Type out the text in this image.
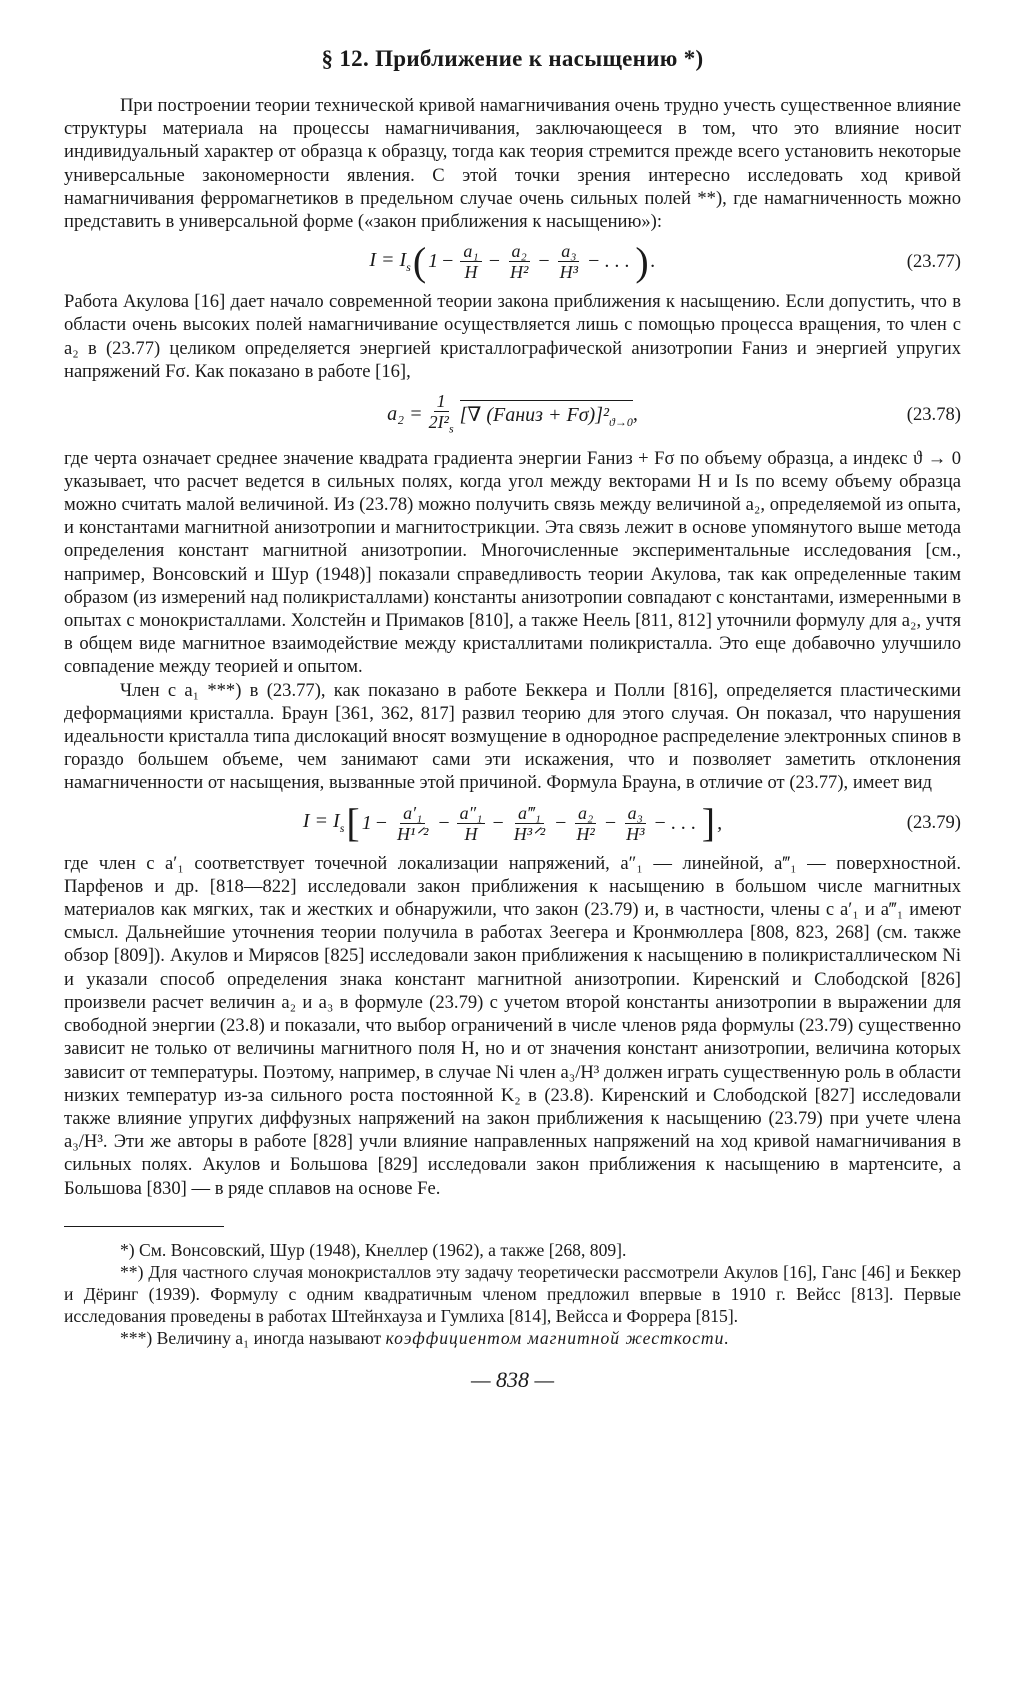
§ 12. Приближение к насыщению *)

При построении теории технической кривой намагничивания очень трудно учесть существенное влияние структуры материала на процессы намагничивания, заключающееся в том, что это влияние носит индивидуальный характер от образца к образцу, тогда как теория стремится прежде всего установить некоторые универсальные закономерности явления. С этой точки зрения интересно исследовать ход кривой намагничивания ферромагнетиков в предельном случае очень сильных полей **), где намагниченность можно представить в универсальной форме («закон приближения к насыщению»):

$I = I_s$ ( $1 - \frac{\text{a₁}}{H} - \frac{\text{a₂}}{\text{H²}} - \frac{\text{a₃}}{\text{H³}}$ − . . . ) .	(23.77)

Работа Акулова [16] дает начало современной теории закона приближения к насыщению. Если допустить, что в области очень высоких полей намагничивание осуществляется лишь с помощью процесса вращения, то член с a₂ в (23.77) целиком определяется энергией кристаллографической анизотропии Fаниз и энергией упругих напряжений Fσ. Как показано в работе [16],

$a_2 = \frac{1}{2I^2_s}$ [∇ (Fаниз + $F\sigma)]^2_{ϑ\to 0}$ ,	(23.78)

где черта означает среднее значение квадрата градиента энергии Fаниз + Fσ по объему образца, а индекс ϑ → 0 указывает, что расчет ведется в сильных полях, когда угол между векторами H и Is по всему объему образца можно считать малой величиной. Из (23.78) можно получить связь между величиной a₂, определяемой из опыта, и константами магнитной анизотропии и магнитострикции. Эта связь лежит в основе упомянутого выше метода определения констант магнитной анизотропии. Многочисленные экспериментальные исследования [см., например, Вонсовский и Шур (1948)] показали справедливость теории Акулова, так как определенные таким образом (из измерений над поликристаллами) константы анизотропии совпадают с константами, измеренными в опытах с монокристаллами. Холстейн и Примаков [810], а также Неель [811, 812] уточнили формулу для a₂, учтя в общем виде магнитное взаимодействие между кристаллитами поликристалла. Это еще добавочно улучшило совпадение между теорией и опытом.

Член с a₁ ***) в (23.77), как показано в работе Беккера и Полли [816], определяется пластическими деформациями кристалла. Браун [361, 362, 817] развил теорию для этого случая. Он показал, что нарушения идеальности кристалла типа дислокаций вносят возмущение в однородное распределение электронных спинов в гораздо большем объеме, чем занимают сами эти искажения, что и позволяет заметить отклонения намагниченности от насыщения, вызванные этой причиной. Формула Брауна, в отличие от (23.77), имеет вид

$I = I_s$ [ $1 - \frac{\text{a′₁}}{\text{H¹ᐟ²}} - \frac{\text{a″₁}}{H} - \frac{\text{a‴₁}}{\text{H³ᐟ²}} - \frac{\text{a₂}}{\text{H²}} - \frac{\text{a₃}}{\text{H³}}$ − . . . ] ,	(23.79)

где член с a′₁ соответствует точечной локализации напряжений, a″₁ — линейной, a‴₁ — поверхностной. Парфенов и др. [818—822] исследовали закон приближения к насыщению в большом числе магнитных материалов как мягких, так и жестких и обнаружили, что закон (23.79) и, в частности, члены с a′₁ и a‴₁ имеют смысл. Дальнейшие уточнения теории получила в работах Зеегера и Кронмюллера [808, 823, 268] (см. также обзор [809]). Акулов и Мирясов [825] исследовали закон приближения к насыщению в поликристаллическом Ni и указали способ определения знака констант магнитной анизотропии. Киренский и Слободской [826] произвели расчет величин a₂ и a₃ в формуле (23.79) с учетом второй константы анизотропии в выражении для свободной энергии (23.8) и показали, что выбор ограничений в числе членов ряда формулы (23.79) существенно зависит не только от величины магнитного поля H, но и от значения констант анизотропии, величина которых зависит от температуры. Поэтому, например, в случае Ni член a₃/H³ должен играть существенную роль в области низких температур из-за сильного роста постоянной K₂ в (23.8). Киренский и Слободской [827] исследовали также влияние упругих диффузных напряжений на закон приближения к насыщению (23.79) при учете члена a₃/H³. Эти же авторы в работе [828] учли влияние направленных напряжений на ход кривой намагничивания в сильных полях. Акулов и Большова [829] исследовали закон приближения к насыщению в мартенсите, а Большова [830] — в ряде сплавов на основе Fe.

*) См. Вонсовский, Шур (1948), Кнеллер (1962), а также [268, 809].

**) Для частного случая монокристаллов эту задачу теоретически рассмотрели Акулов [16], Ганс [46] и Беккер и Дёринг (1939). Формулу с одним квадратичным членом предложил впервые в 1910 г. Вейсс [813]. Первые исследования проведены в работах Штейнхауза и Гумлиха [814], Вейсса и Форрера [815].

***) Величину a₁ иногда называют коэффициентом магнитной жесткости.

— 838 —
